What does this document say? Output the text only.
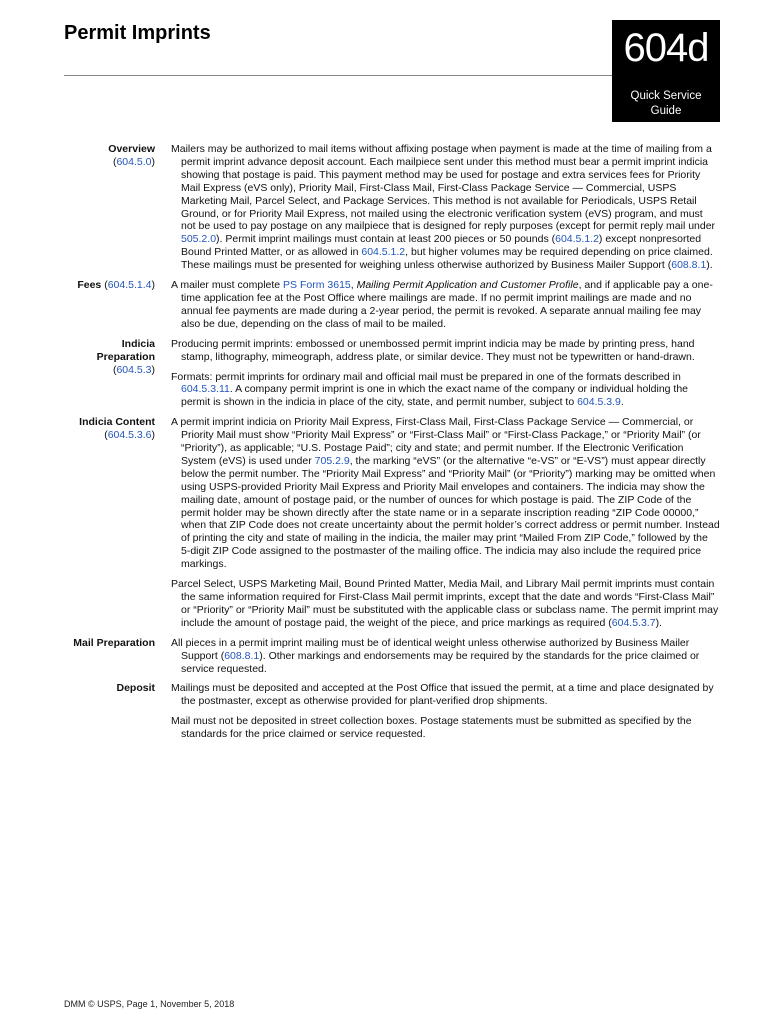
Permit Imprints	604d
Quick Service
Guide
Overview
(604.5.0)

Mailers may be authorized to mail items without affixing postage when payment is made at the time of mailing from a permit imprint advance deposit account. Each mailpiece sent under this method must bear a permit imprint indicia showing that postage is paid. This payment method may be used for postage and extra services fees for Priority Mail Express (eVS only), Priority Mail, First-Class Mail, First-Class Package Service — Commercial, USPS Marketing Mail, Parcel Select, and Package Services. This method is not available for Periodicals, USPS Retail Ground, or for Priority Mail Express, not mailed using the electronic verification system (eVS) program, and must not be used to pay postage on any mailpiece that is designed for reply purposes (except for permit reply mail under 505.2.0). Permit imprint mailings must contain at least 200 pieces or 50 pounds (604.5.1.2) except nonpresorted Bound Printed Matter, or as allowed in 604.5.1.2, but higher volumes may be required depending on price claimed. These mailings must be presented for weighing unless otherwise authorized by Business Mailer Support (608.8.1).

Fees (604.5.1.4) A mailer must complete PS Form 3615, Mailing Permit Application and Customer Profile, and if applicable pay a one-time application fee at the Post Office where mailings are made. If no permit imprint mailings are made and no annual fee payments are made during a 2-year period, the permit is revoked. A separate annual mailing fee may also be due, depending on the class of mail to be mailed.

Indicia
Preparation
(604.5.3)

Producing permit imprints: embossed or unembossed permit imprint indicia may be made by printing press, hand stamp, lithography, mimeograph, address plate, or similar device. They must not be typewritten or hand-drawn.

Formats: permit imprints for ordinary mail and official mail must be prepared in one of the formats described in 604.5.3.11. A company permit imprint is one in which the exact name of the company or individual holding the permit is shown in the indicia in place of the city, state, and permit number, subject to 604.5.3.9.

Indicia Content
(604.5.3.6)

A permit imprint indicia on Priority Mail Express, First-Class Mail, First-Class Package Service — Commercial, or Priority Mail must show “Priority Mail Express” or “First-Class Mail” or “First-Class Package,” or “Priority Mail” (or “Priority”), as applicable; “U.S. Postage Paid”; city and state; and permit number. If the Electronic Verification System (eVS) is used under 705.2.9, the marking “eVS” (or the alternative “e-VS” or “E-VS”) must appear directly below the permit number. The “Priority Mail Express” and “Priority Mail” (or “Priority”) marking may be omitted when using USPS-provided Priority Mail Express and Priority Mail envelopes and containers. The indicia may show the mailing date, amount of postage paid, or the number of ounces for which postage is paid. The ZIP Code of the permit holder may be shown directly after the state name or in a separate inscription reading “ZIP Code 00000,” when that ZIP Code does not create uncertainty about the permit holder’s correct address or permit number. Instead of printing the city and state of mailing in the indicia, the mailer may print “Mailed From ZIP Code,” followed by the 5-digit ZIP Code assigned to the postmaster of the mailing office. The indicia may also include the required price markings.

Parcel Select, USPS Marketing Mail, Bound Printed Matter, Media Mail, and Library Mail permit imprints must contain the same information required for First-Class Mail permit imprints, except that the date and words “First-Class Mail” or “Priority” or “Priority Mail” must be substituted with the applicable class or subclass name. The permit imprint may include the amount of postage paid, the weight of the piece, and price markings as required (604.5.3.7).

Mail Preparation All pieces in a permit imprint mailing must be of identical weight unless otherwise authorized by Business Mailer Support (608.8.1). Other markings and endorsements may be required by the standards for the price claimed or service requested.

Deposit Mailings must be deposited and accepted at the Post Office that issued the permit, at a time and place designated by the postmaster, except as otherwise provided for plant-verified drop shipments.

Mail must not be deposited in street collection boxes. Postage statements must be submitted as specified by the standards for the price claimed or service requested.

DMM © USPS, Page 1, November 5, 2018
